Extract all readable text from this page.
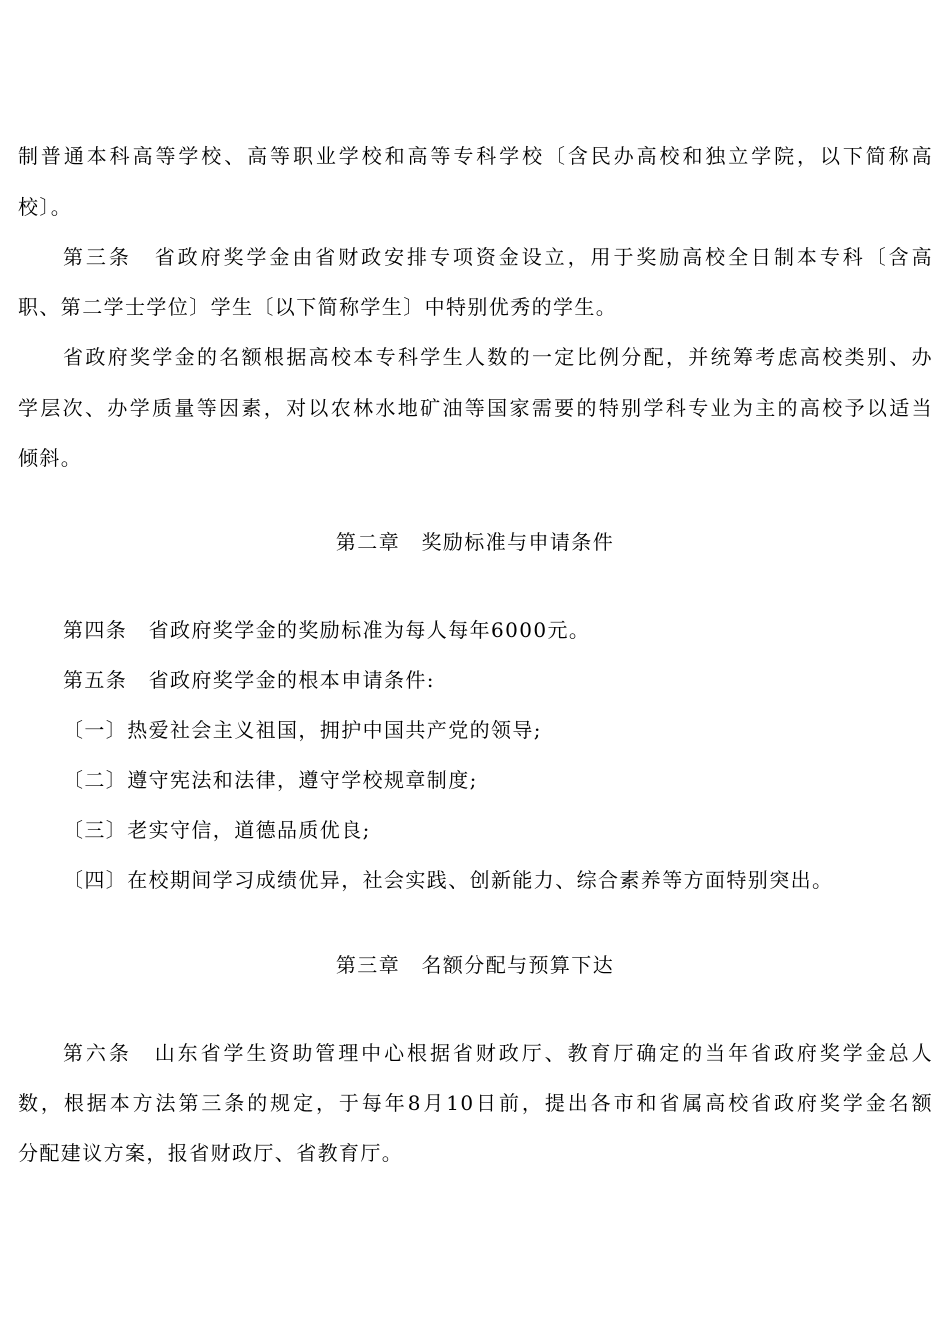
制普通本科高等学校、高等职业学校和高等专科学校〔含民办高校和独立学院，以下简称高
校〕。
第三条　省政府奖学金由省财政安排专项资金设立，用于奖励高校全日制本专科〔含高
职、第二学士学位〕学生〔以下简称学生〕中特别优秀的学生。
省政府奖学金的名额根据高校本专科学生人数的一定比例分配，并统筹考虑高校类别、办
学层次、办学质量等因素，对以农林水地矿油等国家需要的特别学科专业为主的高校予以适当
倾斜。
第二章　奖励标准与申请条件
第四条　省政府奖学金的奖励标准为每人每年6000元。
第五条　省政府奖学金的根本申请条件:
〔一〕热爱社会主义祖国，拥护中国共产党的领导;
〔二〕遵守宪法和法律，遵守学校规章制度;
〔三〕老实守信，道德品质优良;
〔四〕在校期间学习成绩优异，社会实践、创新能力、综合素养等方面特别突出。
第三章　名额分配与预算下达
第六条　山东省学生资助管理中心根据省财政厅、教育厅确定的当年省政府奖学金总人
数，根据本方法第三条的规定，于每年8月10日前，提出各市和省属高校省政府奖学金名额
分配建议方案，报省财政厅、省教育厅。
